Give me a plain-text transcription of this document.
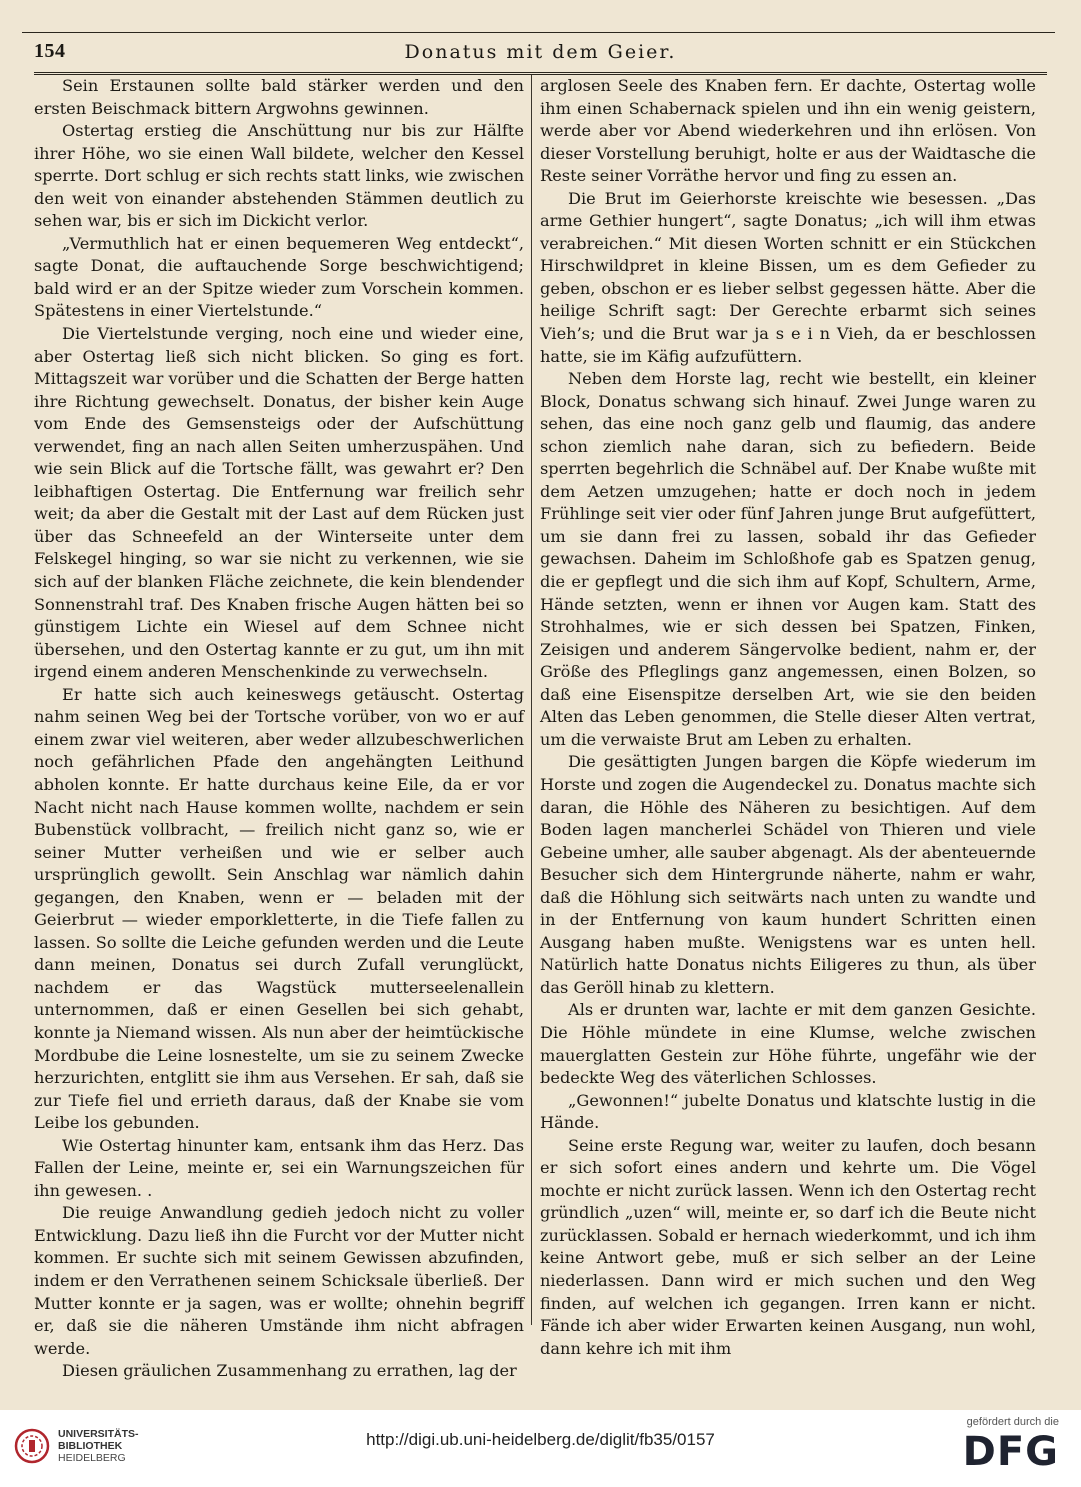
154	Donatus mit dem Geier.

Sein Erstaunen sollte bald stärker werden und den ersten Beischmack bittern Argwohns gewinnen.

Ostertag erstieg die Anschüttung nur bis zur Hälfte ihrer Höhe, wo sie einen Wall bildete, welcher den Kessel sperrte. Dort schlug er sich rechts statt links, wie zwischen den weit von einander abstehenden Stämmen deutlich zu sehen war, bis er sich im Dickicht verlor.

„Vermuthlich hat er einen bequemeren Weg entdeckt“, sagte Donat, die auftauchende Sorge beschwichtigend; bald wird er an der Spitze wieder zum Vorschein kommen. Spätestens in einer Viertelstunde.“

Die Viertelstunde verging, noch eine und wieder eine, aber Ostertag ließ sich nicht blicken. So ging es fort. Mittagszeit war vorüber und die Schatten der Berge hatten ihre Richtung gewechselt. Donatus, der bisher kein Auge vom Ende des Gemsensteigs oder der Aufschüttung verwendet, fing an nach allen Seiten umherzuspähen. Und wie sein Blick auf die Tortsche fällt, was gewahrt er? Den leibhaftigen Ostertag. Die Entfernung war freilich sehr weit; da aber die Gestalt mit der Last auf dem Rücken just über das Schneefeld an der Winterseite unter dem Felskegel hinging, so war sie nicht zu verkennen, wie sie sich auf der blanken Fläche zeichnete, die kein blendender Sonnenstrahl traf. Des Knaben frische Augen hätten bei so günstigem Lichte ein Wiesel auf dem Schnee nicht übersehen, und den Ostertag kannte er zu gut, um ihn mit irgend einem anderen Menschenkinde zu verwechseln.

Er hatte sich auch keineswegs getäuscht. Ostertag nahm seinen Weg bei der Tortsche vorüber, von wo er auf einem zwar viel weiteren, aber weder allzubeschwerlichen noch gefährlichen Pfade den angehängten Leithund abholen konnte. Er hatte durchaus keine Eile, da er vor Nacht nicht nach Hause kommen wollte, nachdem er sein Bubenstück vollbracht, — freilich nicht ganz so, wie er seiner Mutter verheißen und wie er selber auch ursprünglich gewollt. Sein Anschlag war nämlich dahin gegangen, den Knaben, wenn er — beladen mit der Geierbrut — wieder emporkletterte, in die Tiefe fallen zu lassen. So sollte die Leiche gefunden werden und die Leute dann meinen, Donatus sei durch Zufall verunglückt, nachdem er das Wagstück mutterseelenallein unternommen, daß er einen Gesellen bei sich gehabt, konnte ja Niemand wissen. Als nun aber der heimtückische Mordbube die Leine losnestelte, um sie zu seinem Zwecke herzurichten, entglitt sie ihm aus Versehen. Er sah, daß sie zur Tiefe fiel und errieth daraus, daß der Knabe sie vom Leibe los gebunden.

Wie Ostertag hinunter kam, entsank ihm das Herz. Das Fallen der Leine, meinte er, sei ein Warnungszeichen für ihn gewesen. .

Die reuige Anwandlung gedieh jedoch nicht zu voller Entwicklung. Dazu ließ ihn die Furcht vor der Mutter nicht kommen. Er suchte sich mit seinem Gewissen abzufinden, indem er den Verrathenen seinem Schicksale überließ. Der Mutter konnte er ja sagen, was er wollte; ohnehin begriff er, daß sie die näheren Umstände ihm nicht abfragen werde.

Diesen gräulichen Zusammenhang zu errathen, lag der

arglosen Seele des Knaben fern. Er dachte, Ostertag wolle ihm einen Schabernack spielen und ihn ein wenig geistern, werde aber vor Abend wiederkehren und ihn erlösen. Von dieser Vorstellung beruhigt, holte er aus der Waidtasche die Reste seiner Vorräthe hervor und fing zu essen an.

Die Brut im Geierhorste kreischte wie besessen. „Das arme Gethier hungert“, sagte Donatus; „ich will ihm etwas verabreichen.“ Mit diesen Worten schnitt er ein Stückchen Hirschwildpret in kleine Bissen, um es dem Gefieder zu geben, obschon er es lieber selbst gegessen hätte. Aber die heilige Schrift sagt: Der Gerechte erbarmt sich seines Vieh’s; und die Brut war ja s e i n Vieh, da er beschlossen hatte, sie im Käfig aufzufüttern.

Neben dem Horste lag, recht wie bestellt, ein kleiner Block, Donatus schwang sich hinauf. Zwei Junge waren zu sehen, das eine noch ganz gelb und flaumig, das andere schon ziemlich nahe daran, sich zu befiedern. Beide sperrten begehrlich die Schnäbel auf. Der Knabe wußte mit dem Aetzen umzugehen; hatte er doch noch in jedem Frühlinge seit vier oder fünf Jahren junge Brut aufgefüttert, um sie dann frei zu lassen, sobald ihr das Gefieder gewachsen. Daheim im Schloßhofe gab es Spatzen genug, die er gepflegt und die sich ihm auf Kopf, Schultern, Arme, Hände setzten, wenn er ihnen vor Augen kam. Statt des Strohhalmes, wie er sich dessen bei Spatzen, Finken, Zeisigen und anderem Sängervolke bedient, nahm er, der Größe des Pfleglings ganz angemessen, einen Bolzen, so daß eine Eisenspitze derselben Art, wie sie den beiden Alten das Leben genommen, die Stelle dieser Alten vertrat, um die verwaiste Brut am Leben zu erhalten.

Die gesättigten Jungen bargen die Köpfe wiederum im Horste und zogen die Augendeckel zu. Donatus machte sich daran, die Höhle des Näheren zu besichtigen. Auf dem Boden lagen mancherlei Schädel von Thieren und viele Gebeine umher, alle sauber abgenagt. Als der abenteuernde Besucher sich dem Hintergrunde näherte, nahm er wahr, daß die Höhlung sich seitwärts nach unten zu wandte und in der Entfernung von kaum hundert Schritten einen Ausgang haben mußte. Wenigstens war es unten hell. Natürlich hatte Donatus nichts Eiligeres zu thun, als über das Geröll hinab zu klettern.

Als er drunten war, lachte er mit dem ganzen Gesichte. Die Höhle mündete in eine Klumse, welche zwischen mauerglatten Gestein zur Höhe führte, ungefähr wie der bedeckte Weg des väterlichen Schlosses.

„Gewonnen!“ jubelte Donatus und klatschte lustig in die Hände.

Seine erste Regung war, weiter zu laufen, doch besann er sich sofort eines andern und kehrte um. Die Vögel mochte er nicht zurück lassen. Wenn ich den Ostertag recht gründlich „uzen“ will, meinte er, so darf ich die Beute nicht zurücklassen. Sobald er hernach wiederkommt, und ich ihm keine Antwort gebe, muß er sich selber an der Leine niederlassen. Dann wird er mich suchen und den Weg finden, auf welchen ich gegangen. Irren kann er nicht. Fände ich aber wider Erwarten keinen Ausgang, nun wohl, dann kehre ich mit ihm

UNIVERSITÄTS-
BIBLIOTHEK
HEIDELBERG
http://digi.ub.uni-heidelberg.de/diglit/fb35/0157
gefördert durch die
DFG
